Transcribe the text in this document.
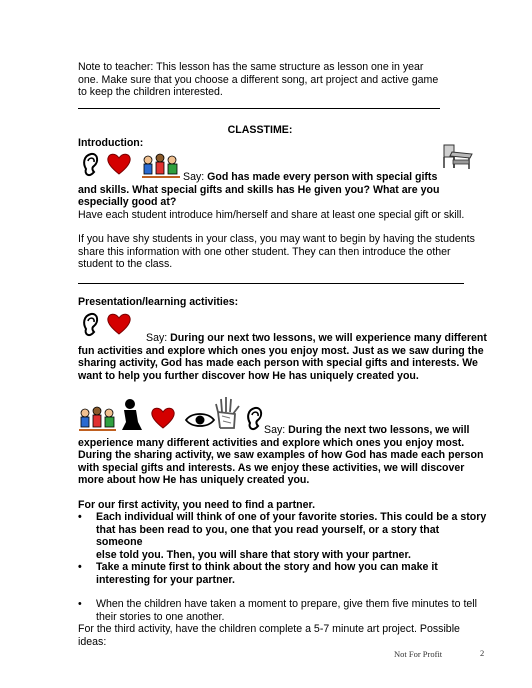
Note to teacher: This lesson has the same structure as lesson one in year
one. Make sure that you choose a different song, art project and active game
to keep the children interested.
CLASSTIME:
Introduction:
Say: God has made every person with special gifts
and skills. What special gifts and skills has He given you? What are you
especially good at?
Have each student introduce him/herself and share at least one special gift or skill.
If you have shy students in your class, you may want to begin by having the students
share this information with one other student. They can then introduce the other
student to the class.
Presentation/learning activities:
Say: During our next two lessons, we will experience many different
fun activities and explore which ones you enjoy most. Just as we saw during the
sharing activity, God has made each person with special gifts and interests. We
want to help you further discover how He has uniquely created you.
Say: During the next two lessons, we will
experience many different activities and explore which ones you enjoy most.
During the sharing activity, we saw examples of how God has made each person
with special gifts and interests. As we enjoy these activities, we will discover
more about how He has uniquely created you.
For our first activity, you need to find a partner.
•	Each individual will think of one of your favorite stories. This could be a story
that has been read to you, one that you read yourself, or a story that someone
else told you. Then, you will share that story with your partner.
•	Take a minute first to think about the story and how you can make it
interesting for your partner.
•	When the children have taken a moment to prepare, give them five minutes to tell
their stories to one another.
For the third activity, have the children complete a 5-7 minute art project. Possible
ideas:
Not For Profit	2
